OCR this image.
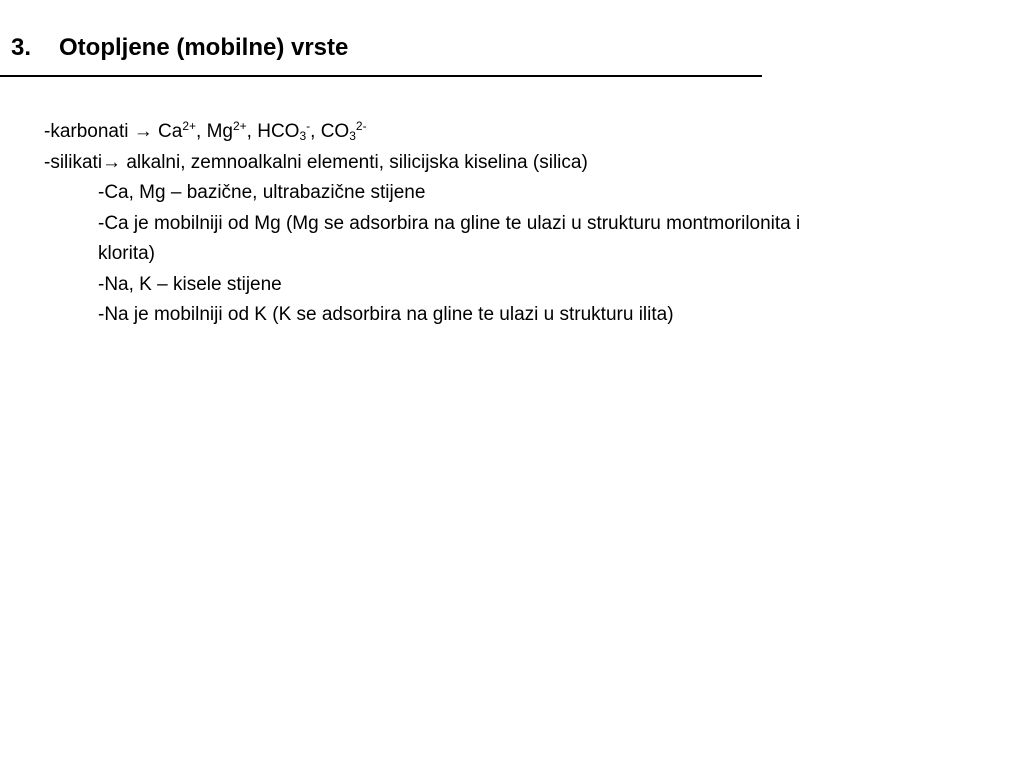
3. Otopljene (mobilne) vrste
-karbonati → $Ca^{2+}$, $Mg^{2+}$, $HCO_3^-$, $CO_3^{2-}$
-silikati→ alkalni, zemnoalkalni elementi, silicijska kiselina (silica)
-Ca, Mg – bazične, ultrabazične stijene
-Ca je mobilniji od Mg (Mg se adsorbira na gline te ulazi u strukturu montmorilonita i klorita)
-Na, K – kisele stijene
-Na je mobilniji od K (K se adsorbira na gline te ulazi u strukturu ilita)
